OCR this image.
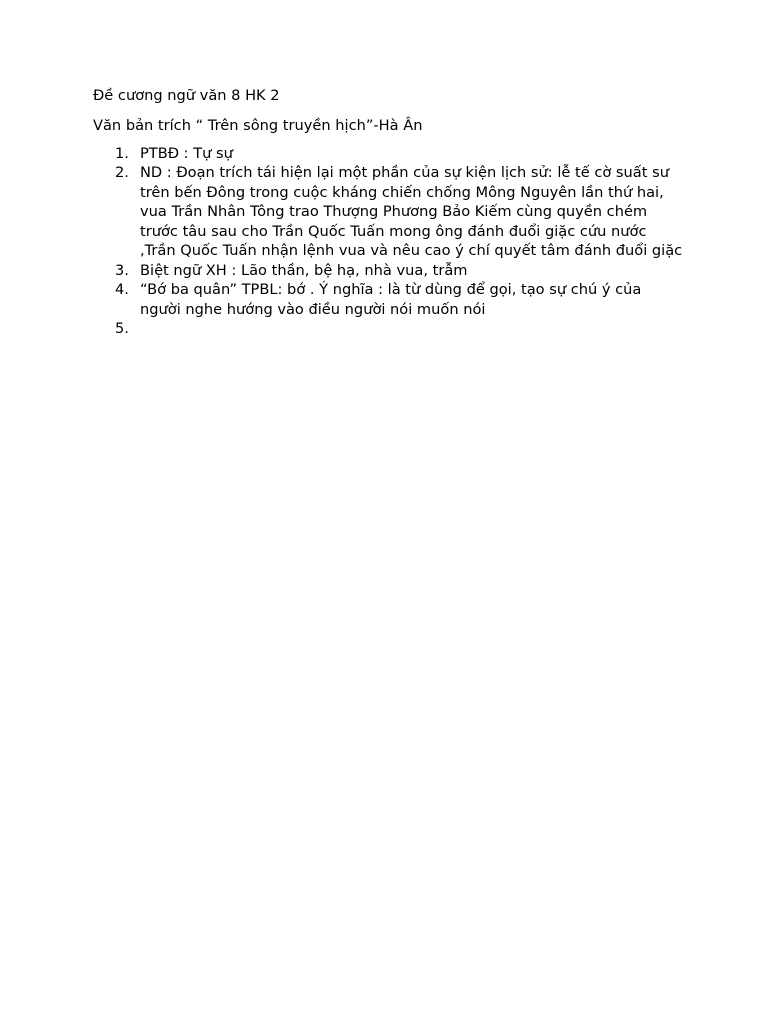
Đề cương ngữ văn 8 HK 2

Văn bản trích “ Trên sông truyền hịch”-Hà Ân

1. PTBĐ : Tự sự
2. ND : Đoạn trích tái hiện lại một phần của sự kiện lịch sử: lễ tế cờ suất sư trên bến Đông trong cuộc kháng chiến chống Mông Nguyên lần thứ hai, vua Trần Nhân Tông trao Thượng Phương Bảo Kiếm cùng quyền chém trước tâu sau cho Trần Quốc Tuấn mong ông đánh đuổi giặc cứu nước ,Trần Quốc Tuấn nhận lệnh vua và nêu cao ý chí quyết tâm đánh đuổi giặc
3. Biệt ngữ XH : Lão thần, bệ hạ, nhà vua, trẫm
4. “Bớ ba quân” TPBL: bớ . Ý nghĩa : là từ dùng để gọi, tạo sự chú ý của người nghe hướng vào điều người nói muốn nói
5.
